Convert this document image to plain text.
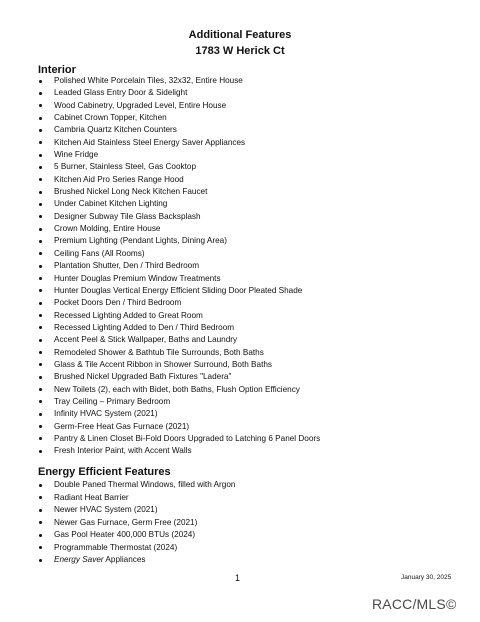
Additional Features
1783 W Herick Ct
Interior
Polished White Porcelain Tiles, 32x32, Entire House
Leaded Glass Entry Door & Sidelight
Wood Cabinetry, Upgraded Level, Entire House
Cabinet Crown Topper, Kitchen
Cambria Quartz Kitchen Counters
Kitchen Aid Stainless Steel Energy Saver Appliances
Wine Fridge
5 Burner, Stainless Steel, Gas Cooktop
Kitchen Aid Pro Series Range Hood
Brushed Nickel Long Neck Kitchen Faucet
Under Cabinet Kitchen Lighting
Designer Subway Tile Glass Backsplash
Crown Molding, Entire House
Premium Lighting (Pendant Lights, Dining Area)
Ceiling Fans (All Rooms)
Plantation Shutter, Den / Third Bedroom
Hunter Douglas Premium Window Treatments
Hunter Douglas Vertical Energy Efficient Sliding Door Pleated Shade
Pocket Doors Den / Third Bedroom
Recessed Lighting Added to Great Room
Recessed Lighting Added to Den / Third Bedroom
Accent Peel & Stick Wallpaper, Baths and Laundry
Remodeled Shower & Bathtub Tile Surrounds, Both Baths
Glass & Tile Accent Ribbon in Shower Surround, Both Baths
Brushed Nickel Upgraded Bath Fixtures "Ladera"
New Toilets (2), each with Bidet, both Baths, Flush Option Efficiency
Tray Ceiling – Primary Bedroom
Infinity HVAC System (2021)
Germ-Free Heat Gas Furnace (2021)
Pantry & Linen Closet Bi-Fold Doors Upgraded to Latching 6 Panel Doors
Fresh Interior Paint, with Accent Walls
Energy Efficient Features
Double Paned Thermal Windows, filled with Argon
Radiant Heat Barrier
Newer HVAC System (2021)
Newer Gas Furnace, Germ Free (2021)
Gas Pool Heater 400,000 BTUs (2024)
Programmable Thermostat (2024)
Energy Saver Appliances
1	January 30, 2025
RACC/MLS©
